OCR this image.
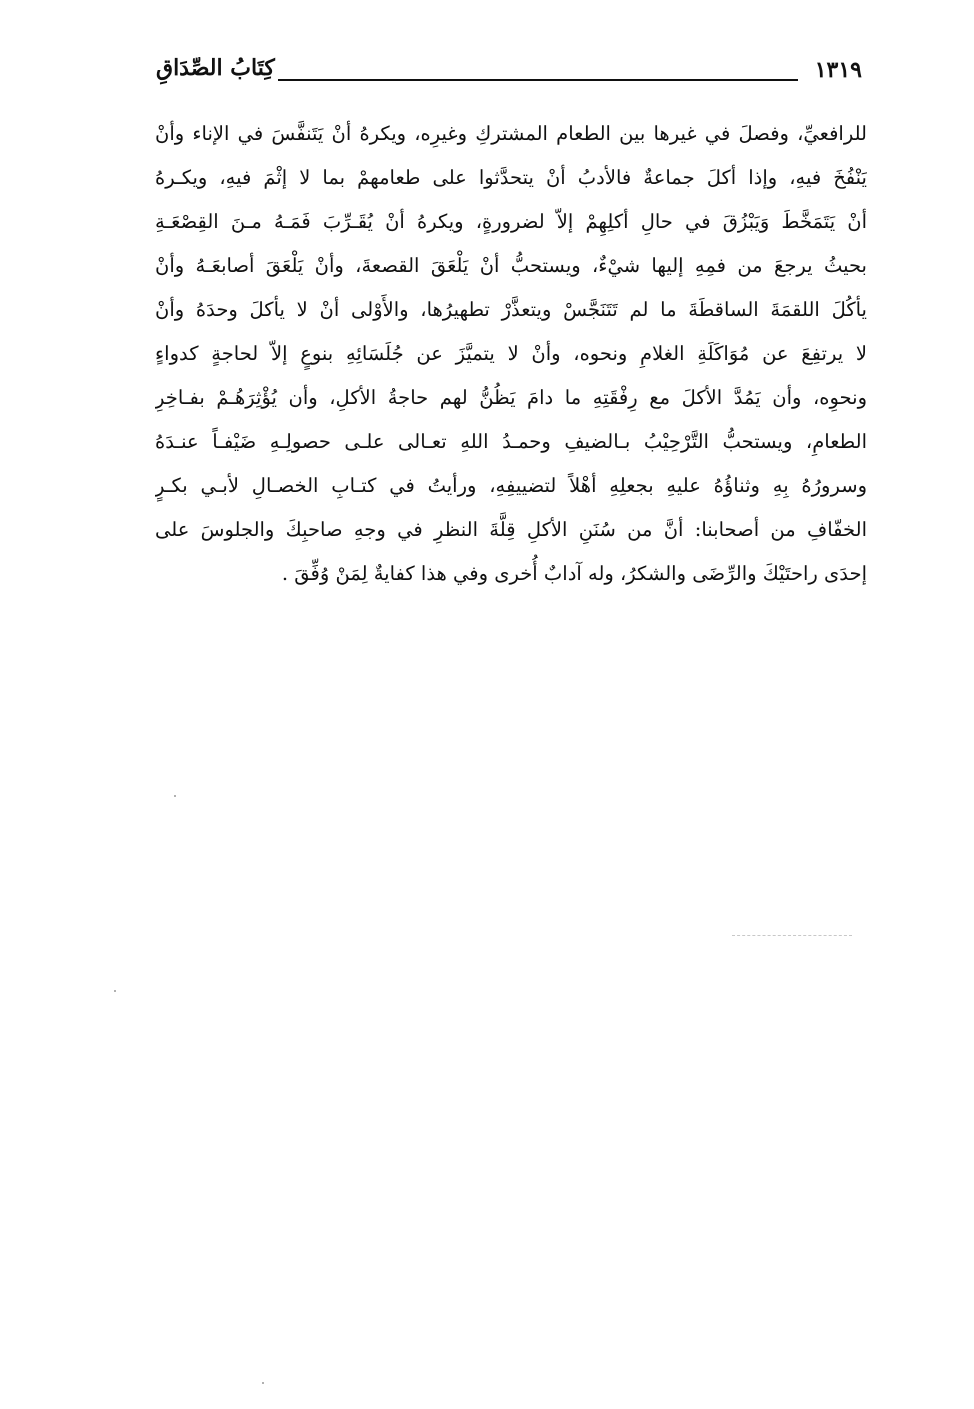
١٣١٩
كِتَابُ الصِّدَاقِ
للرافعيِّ، وفصلَ في غيرها بين الطعام المشتركِ وغيرِه، ويكرهُ أنْ يَتَنفَّسَ في الإناء وأنْ
يَنْفُخَ فيهِ، وإذا أكلَ جماعةٌ فالأدبُ أنْ يتحدَّثوا على طعامهمْ بما لا إثْمَ فيهِ، ويكـرهُ
أنْ يَتَمَخَّطَ وَيَبْزُقَ في حالِ أكلِهِمْ إلاّ لضرورةٍ، ويكرهُ أنْ يُقَـرِّبَ فَمَـهُ مـنَ القِصْعَـةِ
بحيثُ يرجعَ من فمِهِ إليها شيْءٌ، ويستحبُّ أنْ يَلْعَقَ القصعةَ، وأنْ يَلْعَقَ أصابعَـهُ وأنْ
يأكُلَ اللقمَةَ الساقطَةَ ما لم تَتَنَجَّسْ ويتعذَّرْ تطهيرُها، والأَوْلى أنْ لا يأكلَ وحدَهُ وأنْ
لا يرتفِعَ عن مُوَاكَلَةِ الغلامِ ونحوه، وأنْ لا يتميَّزَ عن جُلَسَائِهِ بنوعٍ إلاّ لحاجةٍ كدواءٍ
ونحوِه، وأن يَمُدَّ الأكلَ مع رِفْقَتِهِ ما دامَ يَظُنُّ لهم حاجةُ الأكلِ، وأن يُؤْثِرَهُـمْ بفـاخِرِ
الطعامِ، ويستحبُّ التَّرْحِيْبُ بـالضيفِ وحمـدُ اللهِ تعـالى علـى حصولِـهِ ضَيْفـاً عنـدَهُ
وسرورُهُ بِهِ وثناؤُهُ عليهِ بجعلِهِ أهْلاً لتضييفِهِ، ورأيتُ في كتـابِ الخصـالِ لأبـي بكـرٍ
الخفّافِ من أصحابنا: أنَّ من سُنَنِ الأكلِ قِلَّةَ النظرِ في وجهِ صاحبِكَ والجلوسَ على
إحدَى راحتَيْكَ والرِّضَى والشكرُ، وله آدابٌ أُخرى وفي هذا كفايةٌ لِمَنْ وُفِّقَ .
